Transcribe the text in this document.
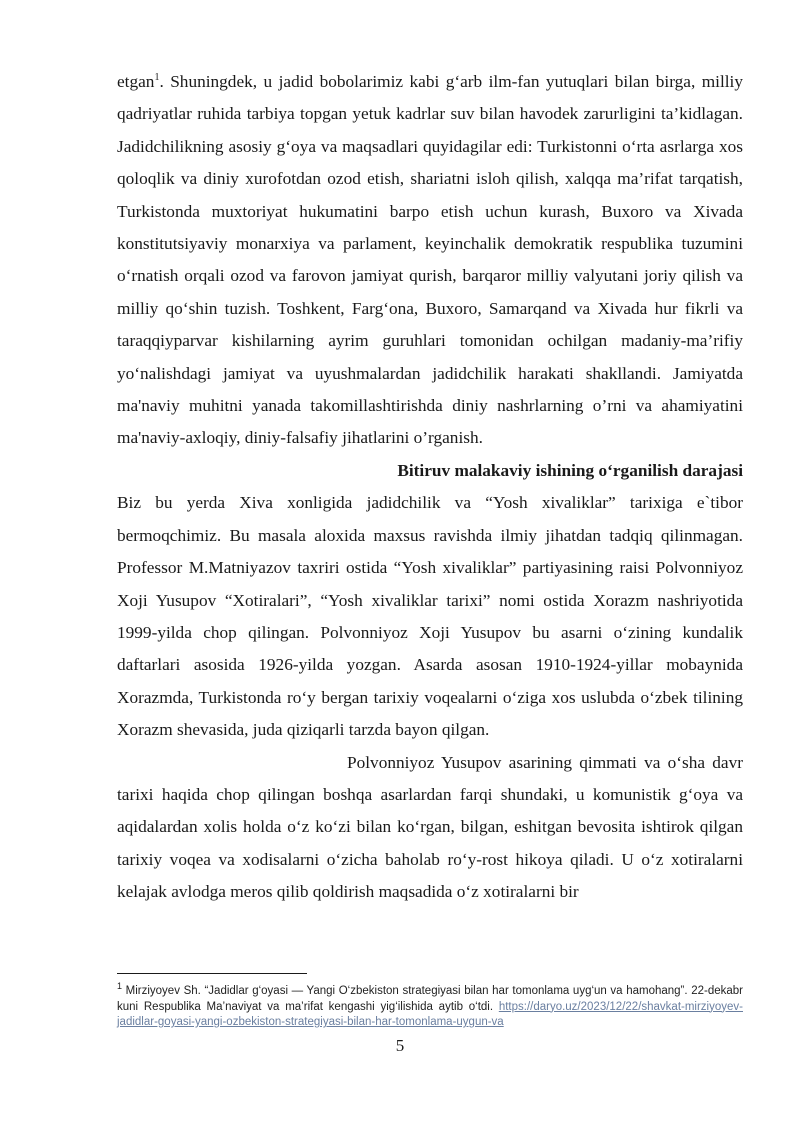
etgan$^1$. Shuningdek, u jadid bobolarimiz kabi g‘arb ilm-fan yutuqlari bilan birga, milliy qadriyatlar ruhida tarbiya topgan yetuk kadrlar suv bilan havodek zarurligini ta’kidlagan. Jadidchilikning asosiy g‘oya va maqsadlari quyidagilar edi: Turkistonni o‘rta asrlarga xos qoloqlik va diniy xurofotdan ozod etish, shariatni isloh qilish, xalqqa ma’rifat tarqatish, Turkistonda muxtoriyat hukumatini barpo etish uchun kurash, Buxoro va Xivada konstitutsiyaviy monarxiya va parlament, keyinchalik demokratik respublika tuzumini o‘rnatish orqali ozod va farovon jamiyat qurish, barqaror milliy valyutani joriy qilish va milliy qo‘shin tuzish. Toshkent, Farg‘ona, Buxoro, Samarqand va Xivada hur fikrli va taraqqiyparvar kishilarning ayrim guruhlari tomonidan ochilgan madaniy-ma’rifiy yo‘nalishdagi jamiyat va uyushmalardan jadidchilik harakati shakllandi. Jamiyatda ma'naviy muhitni yanada takomillashtirishda diniy nashrlarning o’rni va ahamiyatini ma'naviy-axloqiy, diniy-falsafiy jihatlarini o’rganish.

Bitiruv malakaviy ishining o‘rganilish darajasi

Biz bu yerda Xiva xonligida jadidchilik va “Yosh xivaliklar” tarixiga e`tibor bermoqchimiz. Bu masala aloxida maxsus ravishda ilmiy jihatdan tadqiq qilinmagan. Professor M.Matniyazov taxriri ostida “Yosh xivaliklar” partiyasining raisi Polvonniyoz Xoji Yusupov “Xotiralari”, “Yosh xivaliklar tarixi” nomi ostida Xorazm nashriyotida 1999-yilda chop qilingan. Polvonniyoz Xoji Yusupov bu asarni o‘zining kundalik daftarlari asosida 1926-yilda yozgan. Asarda asosan 1910-1924-yillar mobaynida Xorazmda, Turkistonda ro‘y bergan tarixiy voqealarni o‘ziga xos uslubda o‘zbek tilining Xorazm shevasida, juda qiziqarli tarzda bayon qilgan.

Polvonniyoz Yusupov asarining qimmati va o‘sha davr tarixi haqida chop qilingan boshqa asarlardan farqi shundaki, u komunistik g‘oya va aqidalardan xolis holda o‘z ko‘zi bilan ko‘rgan, bilgan, eshitgan bevosita ishtirok qilgan tarixiy voqea va xodisalarni o‘zicha baholab ro‘y-rost hikoya qiladi. U o‘z xotiralarni kelajak avlodga meros qilib qoldirish maqsadida o‘z xotiralarni bir

$^1$ Mirziyoyev Sh. “Jadidlar g‘oyasi — Yangi O‘zbekiston strategiyasi bilan har tomonlama uyg‘un va hamohang”. 22-dekabr kuni Respublika Ma’naviyat va ma’rifat kengashi yig‘ilishida aytib o‘tdi. https://daryo.uz/2023/12/22/shavkat-mirziyoyev-jadidlar-goyasi-yangi-ozbekiston-strategiyasi-bilan-har-tomonlama-uygun-va
5
